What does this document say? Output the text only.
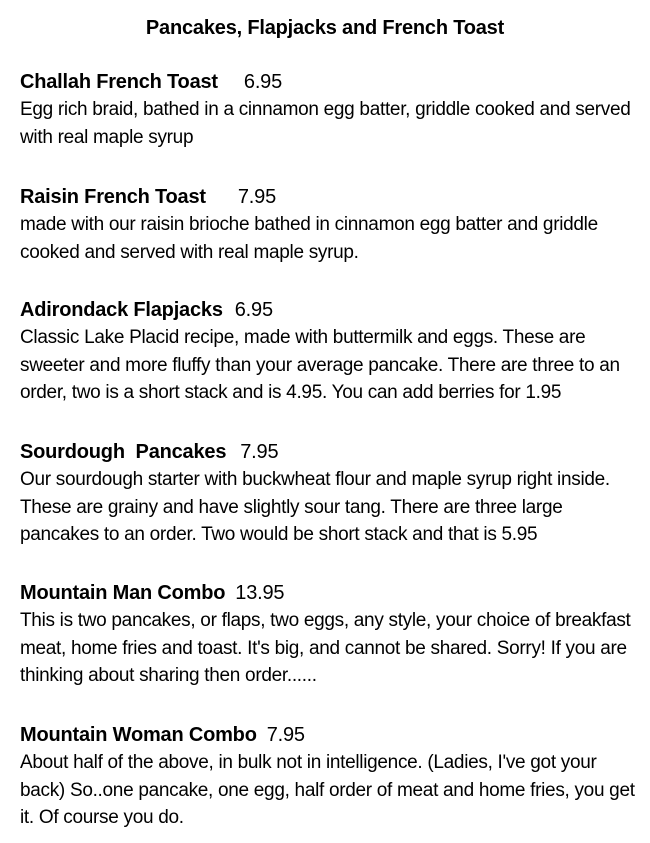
Pancakes, Flapjacks and French Toast
Challah French Toast 6.95

Egg rich braid, bathed in a cinnamon egg batter, griddle cooked and served with real maple syrup

Raisin French Toast 7.95

made with our raisin brioche bathed in cinnamon egg batter and griddle cooked and served with real maple syrup.

Adirondack Flapjacks 6.95

Classic Lake Placid recipe, made with buttermilk and eggs. These are sweeter and more fluffy than your average pancake. There are three to an order, two is a short stack and is 4.95. You can add berries for 1.95

Sourdough  Pancakes 7.95

Our sourdough starter with buckwheat flour and maple syrup right inside. These are grainy and have slightly sour tang. There are three large pancakes to an order. Two would be short stack and that is 5.95

Mountain Man Combo 13.95

This is two pancakes, or flaps, two eggs, any style, your choice of breakfast meat, home fries and toast. It's big, and cannot be shared. Sorry! If you are thinking about sharing then order......

Mountain Woman Combo 7.95

About half of the above, in bulk not in intelligence. (Ladies, I've got your back) So..one pancake, one egg, half order of meat and home fries, you get it. Of course you do.
